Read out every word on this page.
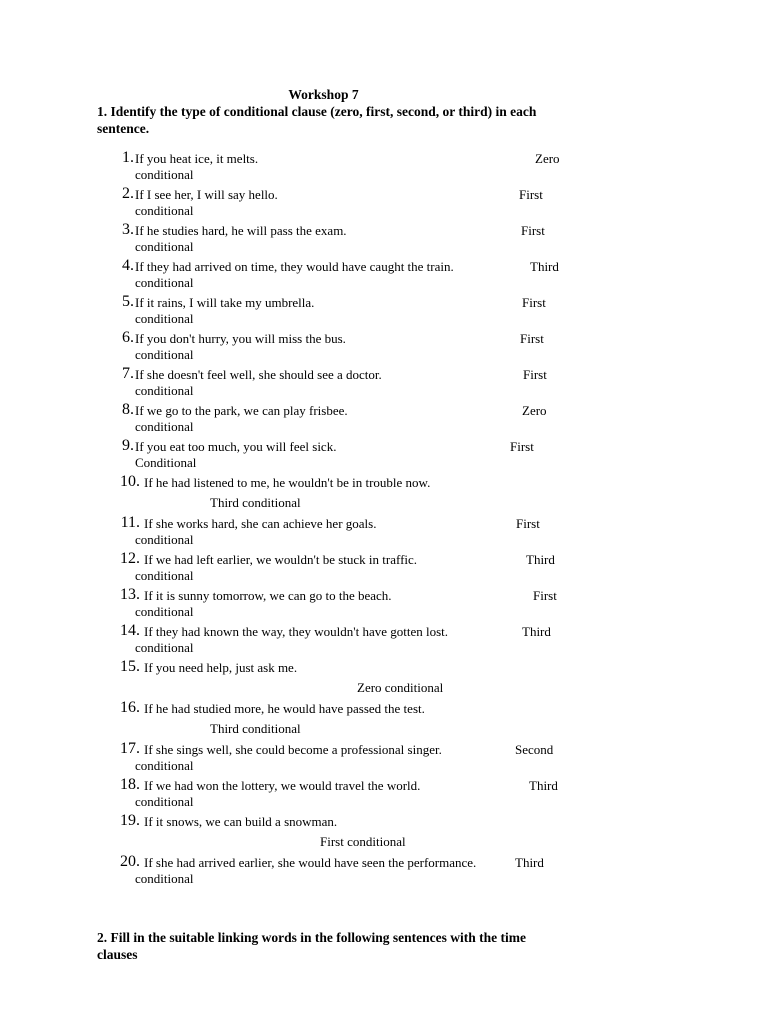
Workshop 7
1. Identify the type of conditional clause (zero, first, second, or third) in each sentence.
1. If you heat ice, it melts.	Zero
conditional
2. If I see her, I will say hello.	First
conditional
3. If he studies hard, he will pass the exam.	First
conditional
4. If they had arrived on time, they would have caught the train.	Third
conditional
5. If it rains, I will take my umbrella.	First
conditional
6. If you don't hurry, you will miss the bus.	First
conditional
7. If she doesn't feel well, she should see a doctor.	First
conditional
8. If we go to the park, we can play frisbee.	Zero
conditional
9. If you eat too much, you will feel sick.	First
Conditional
10. If he had listened to me, he wouldn't be in trouble now.
Third conditional
11. If she works hard, she can achieve her goals.	First
conditional
12. If we had left earlier, we wouldn't be stuck in traffic.	Third
conditional
13. If it is sunny tomorrow, we can go to the beach.	First
conditional
14. If they had known the way, they wouldn't have gotten lost.	Third
conditional
15. If you need help, just ask me.
Zero conditional
16. If he had studied more, he would have passed the test.
Third conditional
17. If she sings well, she could become a professional singer.	Second
conditional
18. If we had won the lottery, we would travel the world.	Third
conditional
19. If it snows, we can build a snowman.
First conditional
20. If she had arrived earlier, she would have seen the performance.	Third
conditional
2. Fill in the suitable linking words in the following sentences with the time clauses
